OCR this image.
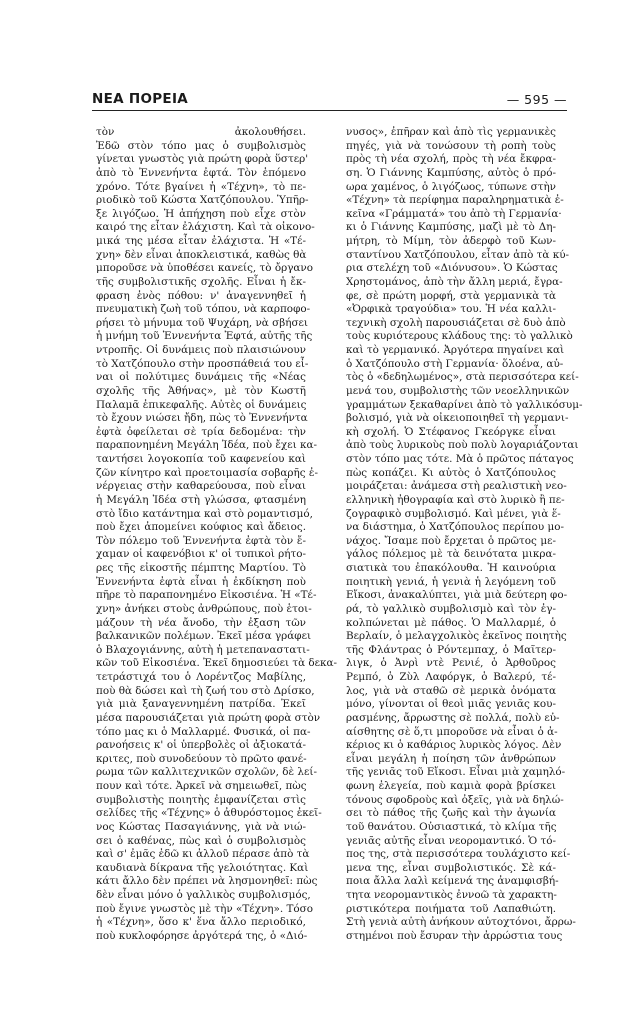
ΝΕΑ ΠΟΡΕΙΑ	— 595 —
τὸν ἀκολουθήσει.
Ἐδῶ στὸν τόπο μας ὁ συμβολισμὸς
γίνεται γνωστὸς γιὰ πρώτη φορὰ ὕστερ'
ἀπὸ τὸ Ἐννενήντα ἐφτά. Τὸν ἑπόμενο
χρόνο. Τότε βγαίνει ἡ «Τέχνη», τὸ πε-
ριοδικὸ τοῦ Κώστα Χατζόπουλου. Ὑπῆρ-
ξε λιγόζωο. Ἡ ἀπήχηση ποὺ εἶχε στὸν
καιρό της εἶταν ἐλάχιστη. Καὶ τὰ οἰκονο-
μικά της μέσα εἶταν ἐλάχιστα. Ἡ «Τέ-
χνη» δὲν εἶναι ἀποκλειστικά, καθὼς θὰ
μποροῦσε νὰ ὑποθέσει κανείς, τὸ ὄργανο
τῆς συμβολιστικῆς σχολῆς. Εἶναι ἡ ἔκ-
φραση ἑνὸς πόθου: ν' ἀναγεννηθεῖ ἡ
πνευματικὴ ζωὴ τοῦ τόπου, νὰ καρποφο-
ρήσει τὸ μήνυμα τοῦ Ψυχάρη, νὰ σβήσει
ἡ μνήμη τοῦ Ἐννενήντα Ἐφτά, αὐτῆς τῆς
ντροπῆς. Οἱ δυνάμεις ποὺ πλαισιώνουν
τὸ Χατζόπουλο στὴν προσπάθειά του εἶ-
ναι οἱ πολύτιμες δυνάμεις τῆς «Νέας
σχολῆς τῆς Ἀθήνας», μὲ τὸν Κωστῆ
Παλαμᾶ ἐπικεφαλῆς. Αὐτὲς οἱ δυνάμεις
τὸ ἔχουν νιώσει ἤδη, πὼς τὸ Ἐννενήντα
ἐφτὰ ὀφείλεται σὲ τρία δεδομένα: τὴν
παραπονημένη Μεγάλη Ἰδέα, ποὺ ἔχει κα-
ταντήσει λογοκοπία τοῦ καφενείου καὶ
ζῶν κίνητρο καὶ προετοιμασία σοβαρῆς ἐ-
νέργειας στὴν καθαρεύουσα, ποὺ εἶναι
ἡ Μεγάλη Ἰδέα στὴ γλώσσα, φτασμένη
στὸ ἴδιο κατάντημα καὶ στὸ ρομαντισμό,
ποὺ ἔχει ἀπομείνει κούφιος καὶ ἄδειος.
Τὸν πόλεμο τοῦ Ἐννενήντα ἐφτὰ τὸν ἔ-
χαμαν οἱ καφενόβιοι κ' οἱ τυπικοὶ ρήτο-
ρες τῆς εἰκοστῆς πέμπτης Μαρτίου. Τὸ
Ἐννενήντα ἐφτὰ εἶναι ἡ ἐκδίκηση ποὺ
πῆρε τὸ παραπονημένο Εἰκοσιένα. Ἡ «Τέ-
χνη» ἀνήκει στοὺς ἀνθρώπους, ποὺ ἑτοι-
μάζουν τὴ νέα ἄνοδο, τὴν ἐξαση τῶν
βαλκανικῶν πολέμων. Ἐκεῖ μέσα γράφει
ὁ Βλαχογιάννης, αὐτὴ ἡ μετεπαναστατι-
κῶν τοῦ Εἰκοσιένα. Ἐκεῖ δημοσιεύει τὰ δεκα-
τετράστιχά του ὁ Λορέντζος Μαβίλης,
ποὺ θὰ δώσει καὶ τὴ ζωή του στὸ Δρίσκο,
γιὰ μιὰ ξαναγεννημένη πατρίδα. Ἐκεῖ
μέσα παρουσιάζεται γιὰ πρώτη φορὰ στὸν
τόπο μας κι ὁ Μαλλαρμέ. Φυσικά, οἱ πα-
ρανοήσεις κ' οἱ ὑπερβολὲς οἱ ἀξιοκατά-
κριτες, ποὺ συνοδεύουν τὸ πρῶτο φανέ-
ρωμα τῶν καλλιτεχνικῶν σχολῶν, δὲ λεί-
πουν καὶ τότε. Ἀρκεῖ νὰ σημειωθεῖ, πὼς
συμβολιστὴς ποιητὴς ἐμφανίζεται στὶς
σελίδες τῆς «Τέχνης» ὁ ἀθυρόστομος ἐκεῖ-
νος Κώστας Πασαγιάννης, γιὰ νὰ νιώ-
σει ὁ καθένας, πὼς καὶ ὁ συμβολισμὸς
καὶ σ' ἐμᾶς ἐδῶ κι ἀλλοῦ πέρασε ἀπὸ τὰ
καυδιανὰ δίκρανα τῆς γελοιότητας. Καὶ
κάτι ἄλλο δὲν πρέπει νὰ λησμονηθεῖ: πὼς
δὲν εἶναι μόνο ὁ γαλλικὸς συμβολισμός,
ποὺ ἔγινε γνωστὸς μὲ τὴν «Τέχνη». Τόσο
ἡ «Τέχνη», ὅσο κ' ἕνα ἄλλο περιοδικό,
ποὺ κυκλοφόρησε ἀργότερά της, ὁ «Διό-
νυσος», ἐπῆραν καὶ ἀπὸ τὶς γερμανικὲς
πηγές, γιὰ νὰ τονώσουν τὴ ροπὴ τοὺς
πρὸς τὴ νέα σχολή, πρὸς τὴ νέα ἔκφρα-
ση. Ὁ Γιάννης Καμπύσης, αὐτὸς ὁ πρό-
ωρα χαμένος, ὁ λιγόζωος, τύπωνε στὴν
«Τέχνη» τὰ περίφημα παραληρηματικὰ ἐ-
κεῖνα «Γράμματά» του ἀπὸ τὴ Γερμανία·
κι ὁ Γιάννης Καμπύσης, μαζὶ μὲ τὸ Δη-
μήτρη, τὸ Μίμη, τὸν ἀδερφὸ τοῦ Κων-
σταντίνου Χατζόπουλου, εἶταν ἀπὸ τὰ κύ-
ρια στελέχη τοῦ «Διόνυσου». Ὁ Κώστας
Χρηστομάνος, ἀπὸ τὴν ἄλλη μεριά, ἔγρα-
φε, σὲ πρώτη μορφή, στὰ γερμανικὰ τὰ
«Ὀρφικὰ τραγούδια» του. Ἡ νέα καλλι-
τεχνικὴ σχολὴ παρουσιάζεται σὲ δυὸ ἀπὸ
τοὺς κυριότερους κλάδους της: τὸ γαλλικὸ
καὶ τὸ γερμανικό. Ἀργότερα πηγαίνει καὶ
ὁ Χατζόπουλο στὴ Γερμανία· ὅλοένα, αὐ-
τὸς ὁ «δεδηλωμένος», στὰ περισσότερα κεί-
μενά του, συμβολιστὴς τῶν νεοελληνικῶν
γραμμάτων ξεκαθαρίνει ἀπὸ τὸ γαλλικόσυμ-
βολισμό, γιὰ νὰ οἰκειοποιηθεῖ τὴ γερμανι-
κὴ σχολή. Ὁ Στέφανος Γκεόργκε εἶναι
ἀπὸ τοὺς λυρικοὺς ποὺ πολὺ λογαριάζονται
στὸν τόπο μας τότε. Μὰ ὁ πρῶτος πάταγος
πὼς κοπάζει. Κι αὐτὸς ὁ Χατζόπουλος
μοιράζεται: ἀνάμεσα στὴ ρεαλιστικὴ νεο-
ελληνικὴ ἠθογραφία καὶ στὸ λυρικὸ ἢ πε-
ζογραφικὸ συμβολισμό. Καὶ μένει, γιὰ ἕ-
να διάστημα, ὁ Χατζόπουλος περίπου μο-
νάχος. Ἴσαμε ποὺ ἔρχεται ὁ πρῶτος με-
γάλος πόλεμος μὲ τὰ δεινότατα μικρα-
σιατικὰ του ἐπακόλουθα. Ἡ καινούρια
ποιητικὴ γενιά, ἡ γενιὰ ἡ λεγόμενη τοῦ
Εἴκοσι, ἀνακαλύπτει, γιὰ μιὰ δεύτερη φο-
ρά, τὸ γαλλικὸ συμβολισμὸ καὶ τὸν ἐγ-
κολπώνεται μὲ πάθος. Ὁ Μαλλαρμέ, ὁ
Βερλαίν, ὁ μελαγχολικὸς ἐκεῖνος ποιητὴς
τῆς Φλάντρας ὁ Ρόντεμπαχ, ὁ Μαῖτερ-
λιγκ, ὁ Ἀνρὶ ντὲ Ρενιέ, ὁ Ἀρθοῦρος
Ρεμπό, ὁ Ζὺλ Λαφόργκ, ὁ Βαλερύ, τέ-
λος, γιὰ νὰ σταθῶ σὲ μερικὰ ὀνόματα
μόνο, γίνονται οἱ θεοὶ μιᾶς γενιᾶς κου-
ρασμένης, ἄρρωστης σὲ πολλά, πολὺ εὐ-
αίσθητης σὲ ὅ,τι μποροῦσε νὰ εἶναι ὁ ἀ-
κέριος κι ὁ καθάριος λυρικὸς λόγος. Δὲν
εἶναι μεγάλη ἡ ποίηση τῶν ἀνθρώπων
τῆς γενιᾶς τοῦ Εἴκοσι. Εἶναι μιὰ χαμηλό-
φωνη ἐλεγεία, ποὺ καμιὰ φορὰ βρίσκει
τόνους σφοδροὺς καὶ ὀξεῖς, γιὰ νὰ δηλώ-
σει τὸ πάθος τῆς ζωῆς καὶ τὴν ἀγωνία
τοῦ θανάτου. Οὐσιαστικά, τὸ κλίμα τῆς
γενιᾶς αὐτῆς εἶναι νεορομαντικό. Ὁ τό-
πος της, στὰ περισσότερα τουλάχιστο κεί-
μενα της, εἶναι συμβολιστικός. Σὲ κά-
ποια ἄλλα λαλὶ κείμενά της ἀναμφισβή-
τητα νεορομαντικὸς ἐννοῶ τὰ χαρακτη-
ριστικότερα ποιήματα τοῦ Λαπαθιώτη.
Στὴ γενιὰ αὐτὴ ἀνήκουν αὐτοχτόνοι, ἄρρω-
στημένοι ποὺ ἔσυραν τὴν ἀρρώστια τους
